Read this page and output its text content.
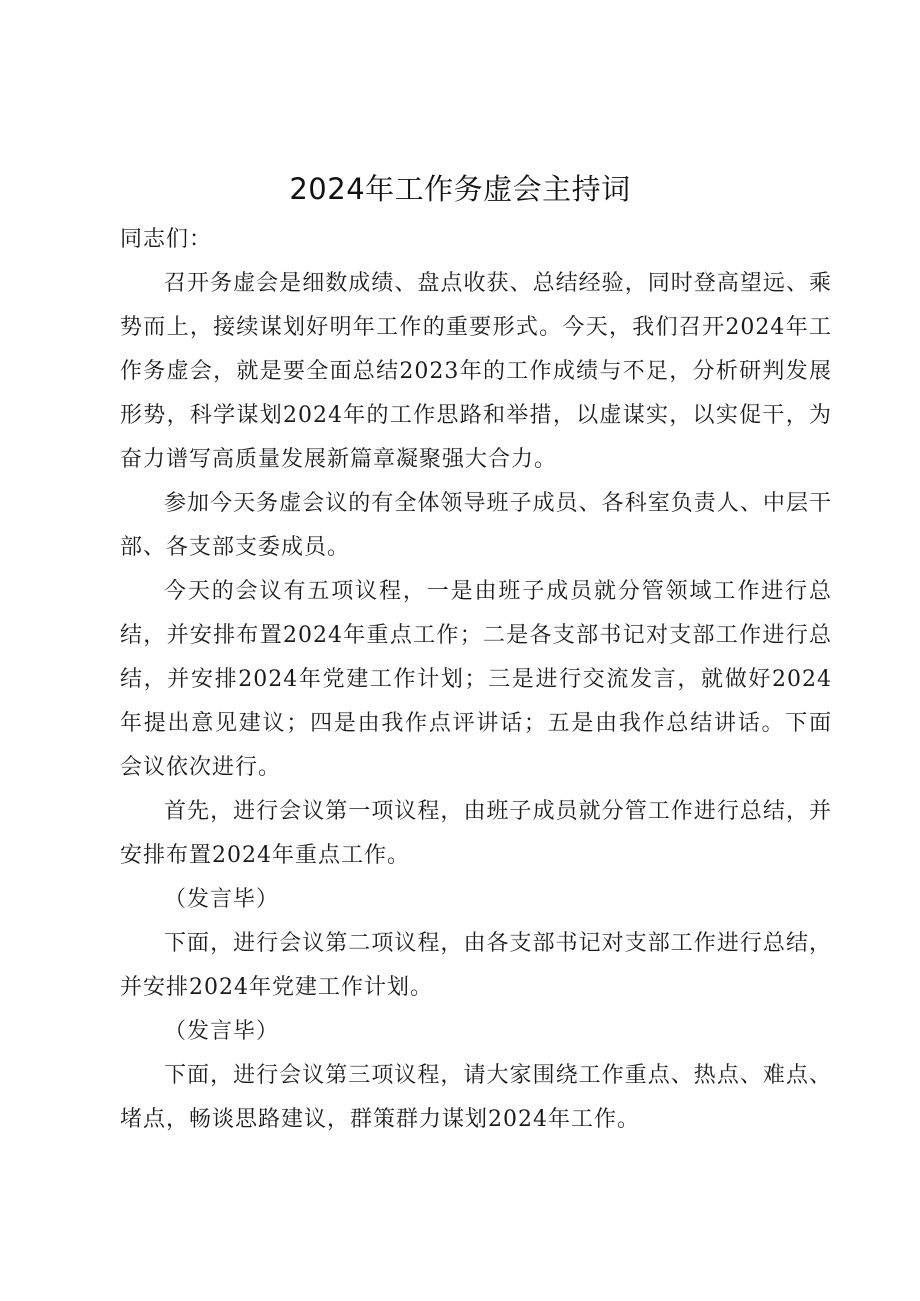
2024年工作务虚会主持词

同志们：

召开务虚会是细数成绩、盘点收获、总结经验，同时登高望远、乘势而上，接续谋划好明年工作的重要形式。今天，我们召开2024年工作务虚会，就是要全面总结2023年的工作成绩与不足，分析研判发展形势，科学谋划2024年的工作思路和举措，以虚谋实，以实促干，为奋力谱写高质量发展新篇章凝聚强大合力。

参加今天务虚会议的有全体领导班子成员、各科室负责人、中层干部、各支部支委成员。

今天的会议有五项议程，一是由班子成员就分管领域工作进行总结，并安排布置2024年重点工作；二是各支部书记对支部工作进行总结，并安排2024年党建工作计划；三是进行交流发言，就做好2024年提出意见建议；四是由我作点评讲话；五是由我作总结讲话。下面会议依次进行。

首先，进行会议第一项议程，由班子成员就分管工作进行总结，并安排布置2024年重点工作。

（发言毕）

下面，进行会议第二项议程，由各支部书记对支部工作进行总结，并安排2024年党建工作计划。

（发言毕）

下面，进行会议第三项议程，请大家围绕工作重点、热点、难点、堵点，畅谈思路建议，群策群力谋划2024年工作。
